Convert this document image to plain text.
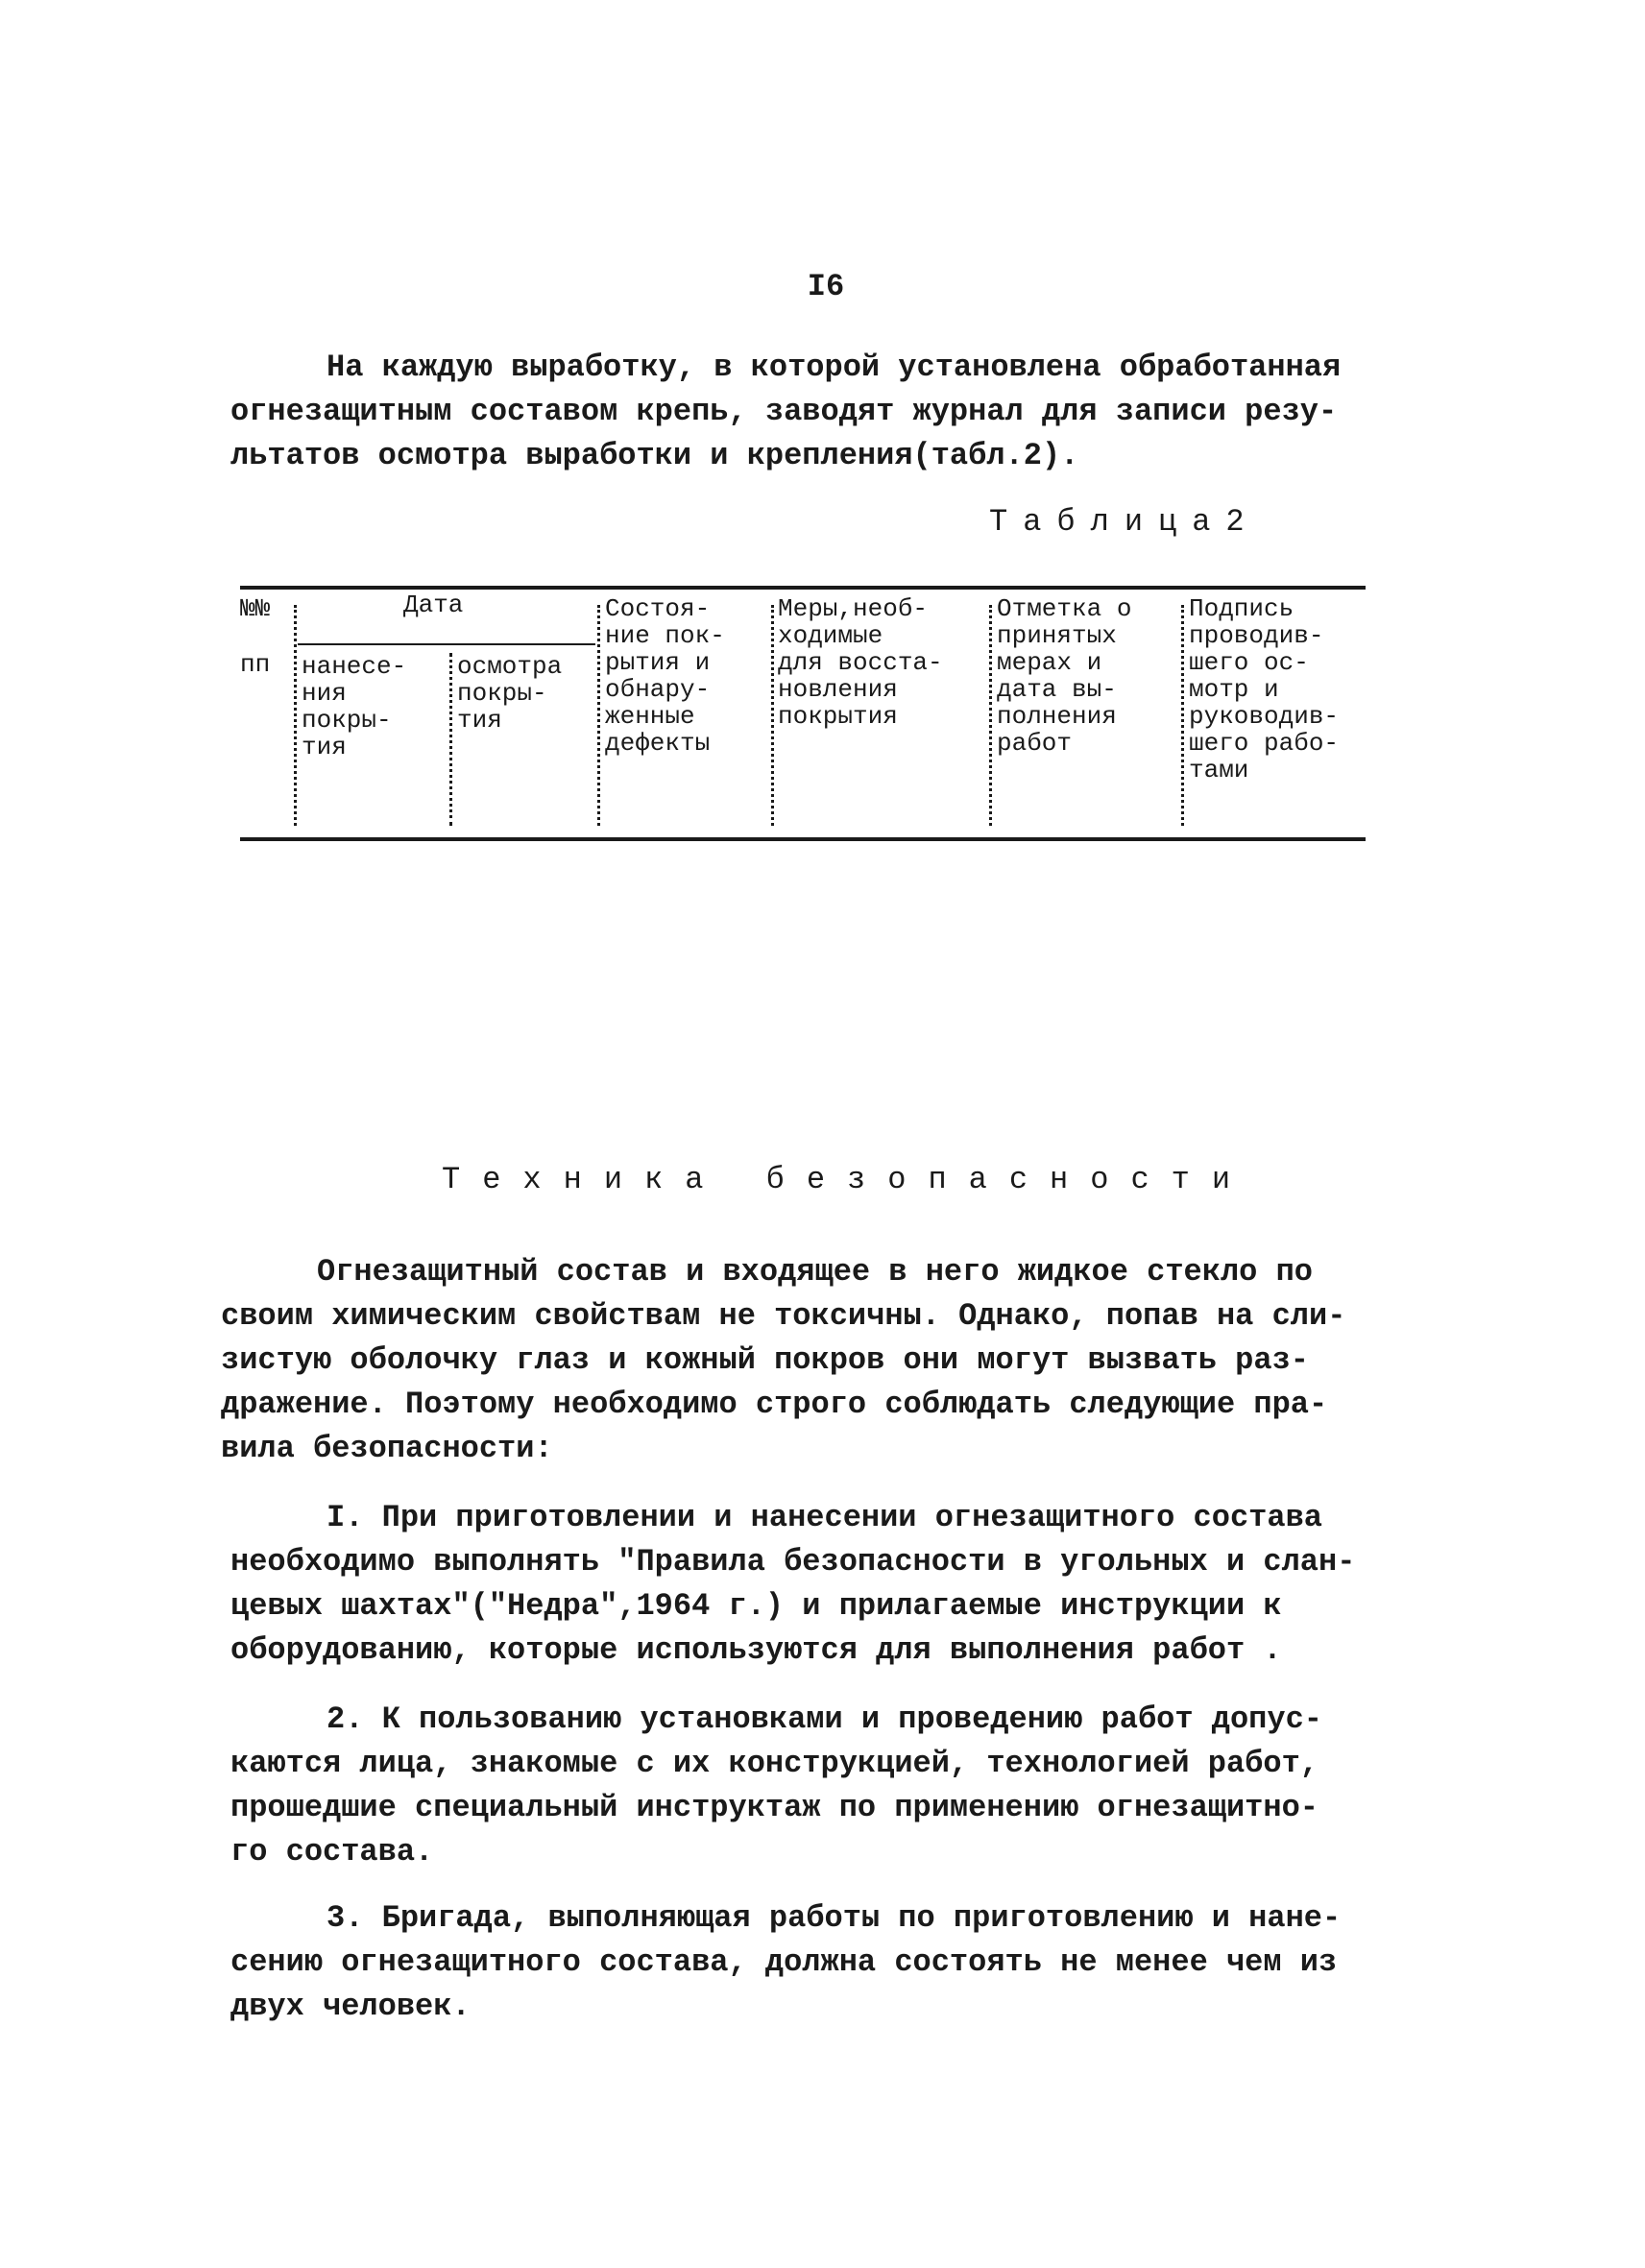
I6
На каждую выработку, в которой установлена обработанная
огнезащитным составом крепь, заводят журнал для записи резу-
льтатов осмотра выработки и крепления(табл.2).
Таблица2
№№
пп
Дата
нанесе-
ния
покры-
тия
осмотра
покры-
тия
Состоя-
ние пок-
рытия и
обнару-
женные
дефекты
Меры,необ-
ходимые
для восста-
новления
покрытия
Отметка о
принятых
мерах и
дата вы-
полнения
работ
Подпись
проводив-
шего ос-
мотр и
руководив-
шего рабо-
тами
Техника безопасности
Огнезащитный состав и входящее в него жидкое стекло по
своим химическим свойствам не токсичны. Однако, попав на сли-
зистую оболочку глаз и кожный покров они могут вызвать раз-
дражение. Поэтому необходимо строго соблюдать следующие пра-
вила безопасности:
I. При приготовлении и нанесении огнезащитного состава
необходимо выполнять "Правила безопасности в угольных и слан-
цевых шахтах"("Недра",1964 г.) и прилагаемые инструкции к
оборудованию, которые используются для выполнения работ .
2. К пользованию установками и проведению работ допус-
каются лица, знакомые с их конструкцией, технологией работ,
прошедшие специальный инструктаж по применению огнезащитно-
го состава.
3. Бригада, выполняющая работы по приготовлению и нане-
сению огнезащитного состава, должна состоять не менее чем из
двух человек.
